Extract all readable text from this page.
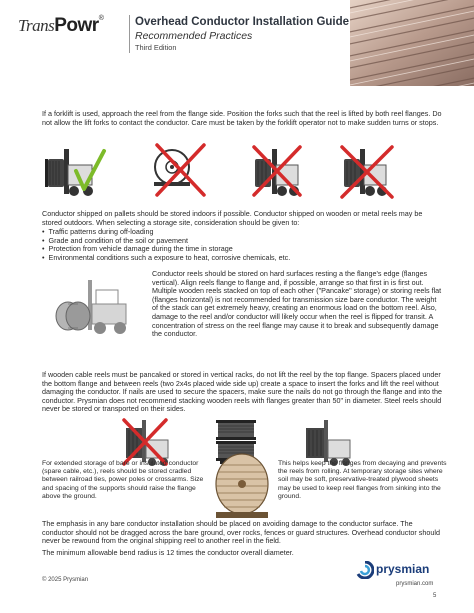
TransPowr®	Overhead Conductor Installation Guide
Recommended Practices
Third Edition
If a forklift is used, approach the reel from the flange side. Position the forks such that the reel is lifted by both reel flanges. Do not allow the lift forks to contact the conductor. Care must be taken by the forklift operator not to make sudden turns or stops.
Conductor shipped on pallets should be stored indoors if possible. Conductor shipped on wooden or metal reels may be stored outdoors. When selecting a storage site, consideration should be given to:
• Traffic patterns during off-loading
• Grade and condition of the soil or pavement
• Protection from vehicle damage during the time in storage
• Environmental conditions such a exposure to heat, corrosive chemicals, etc.
Conductor reels should be stored on hard surfaces resting a the flange's edge (flanges vertical). Align reels flange to flange and, if possible, arrange so that first in is first out. Multiple wooden reels stacked on top of each other ("Pancake" storage) or storing reels flat (flanges horizontal) is not recommended for transmission size bare conductor. The weight of the stack can get extremely heavy, creating an enormous load on the bottom reel. Also, damage to the reel and/or conductor will likely occur when the reel is flipped for transit. A concentration of stress on the reel flange may cause it to break and subsequently damage the conductor.
If wooden cable reels must be pancaked or stored in vertical racks, do not lift the reel by the top flange. Spacers placed under the bottom flange and between reels (two 2x4s placed wide side up) create a space to insert the forks and lift the reel without damaging the conductor. If nails are used to secure the spacers, make sure the nails do not go through the flange and into the conductor. Prysmian does not recommend stacking wooden reels with flanges greater than 50" in diameter. Steel reels should never be stored or transported on their sides.
For extended storage of bare or insulated conductor (spare cable, etc.), reels should be stored cradled between railroad ties, power poles or crossarms. Size and spacing of the supports should raise the flange above the ground.
This helps keep the flanges from decaying and prevents the reels from rolling. At temporary storage sites where soil may be soft, preservative-treated plywood sheets may be used to keep reel flanges from sinking into the ground.
The emphasis in any bare conductor installation should be placed on avoiding damage to the conductor surface. The conductor should not be dragged across the bare ground, over rocks, fences or guard structures. Overhead conductor should never be rewound from the original shipping reel to another reel in the field.
The minimum allowable bend radius is 12 times the conductor overall diameter.
© 2025 Prysmian
prysmian
prysmian.com
5
